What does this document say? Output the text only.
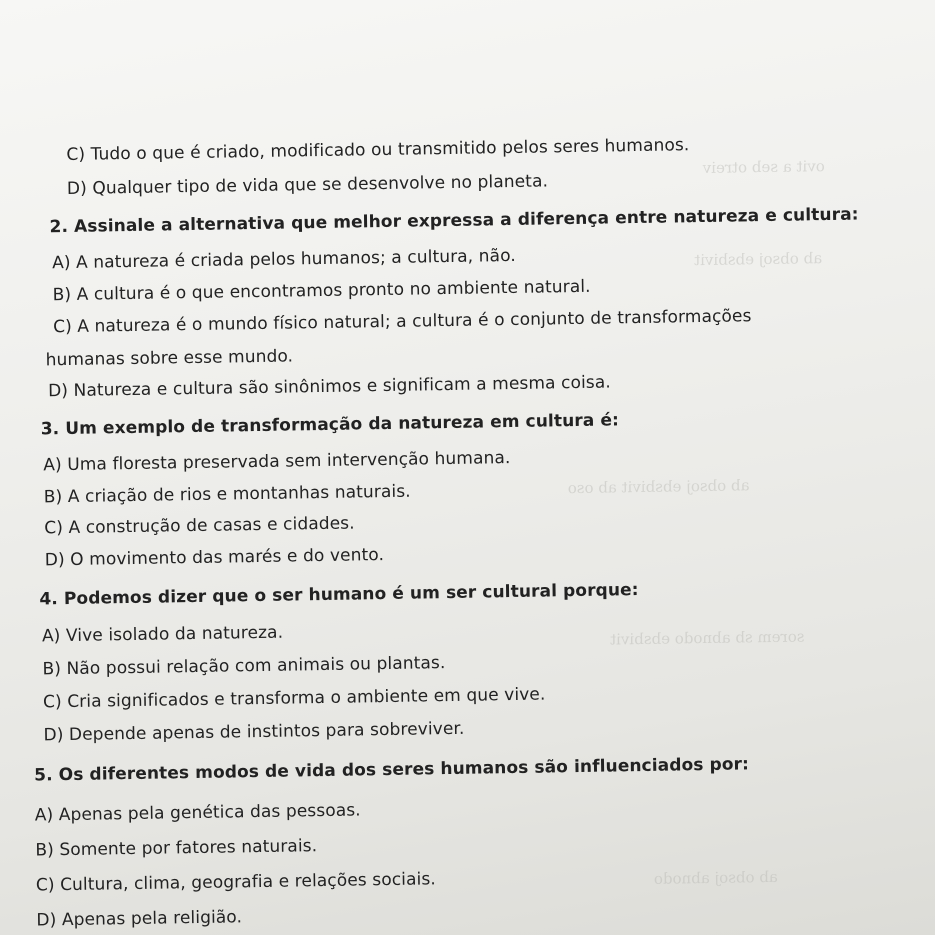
ovit a seb otreiv
ab obsoj ebsbivit
ab obsoj ebsbivit ab oso
sorem sb abnodo ebsbivit
ab obsoj abnodo
C) Tudo o que é criado, modificado ou transmitido pelos seres humanos.
D) Qualquer tipo de vida que se desenvolve no planeta.
2. Assinale a alternativa que melhor expressa a diferença entre natureza e cultura:
A) A natureza é criada pelos humanos; a cultura, não.
B) A cultura é o que encontramos pronto no ambiente natural.
C) A natureza é o mundo físico natural; a cultura é o conjunto de transformações
humanas sobre esse mundo.
D) Natureza e cultura são sinônimos e significam a mesma coisa.
3. Um exemplo de transformação da natureza em cultura é:
A) Uma floresta preservada sem intervenção humana.
B) A criação de rios e montanhas naturais.
C) A construção de casas e cidades.
D) O movimento das marés e do vento.
4. Podemos dizer que o ser humano é um ser cultural porque:
A) Vive isolado da natureza.
B) Não possui relação com animais ou plantas.
C) Cria significados e transforma o ambiente em que vive.
D) Depende apenas de instintos para sobreviver.
5. Os diferentes modos de vida dos seres humanos são influenciados por:
A) Apenas pela genética das pessoas.
B) Somente por fatores naturais.
C) Cultura, clima, geografia e relações sociais.
D) Apenas pela religião.
